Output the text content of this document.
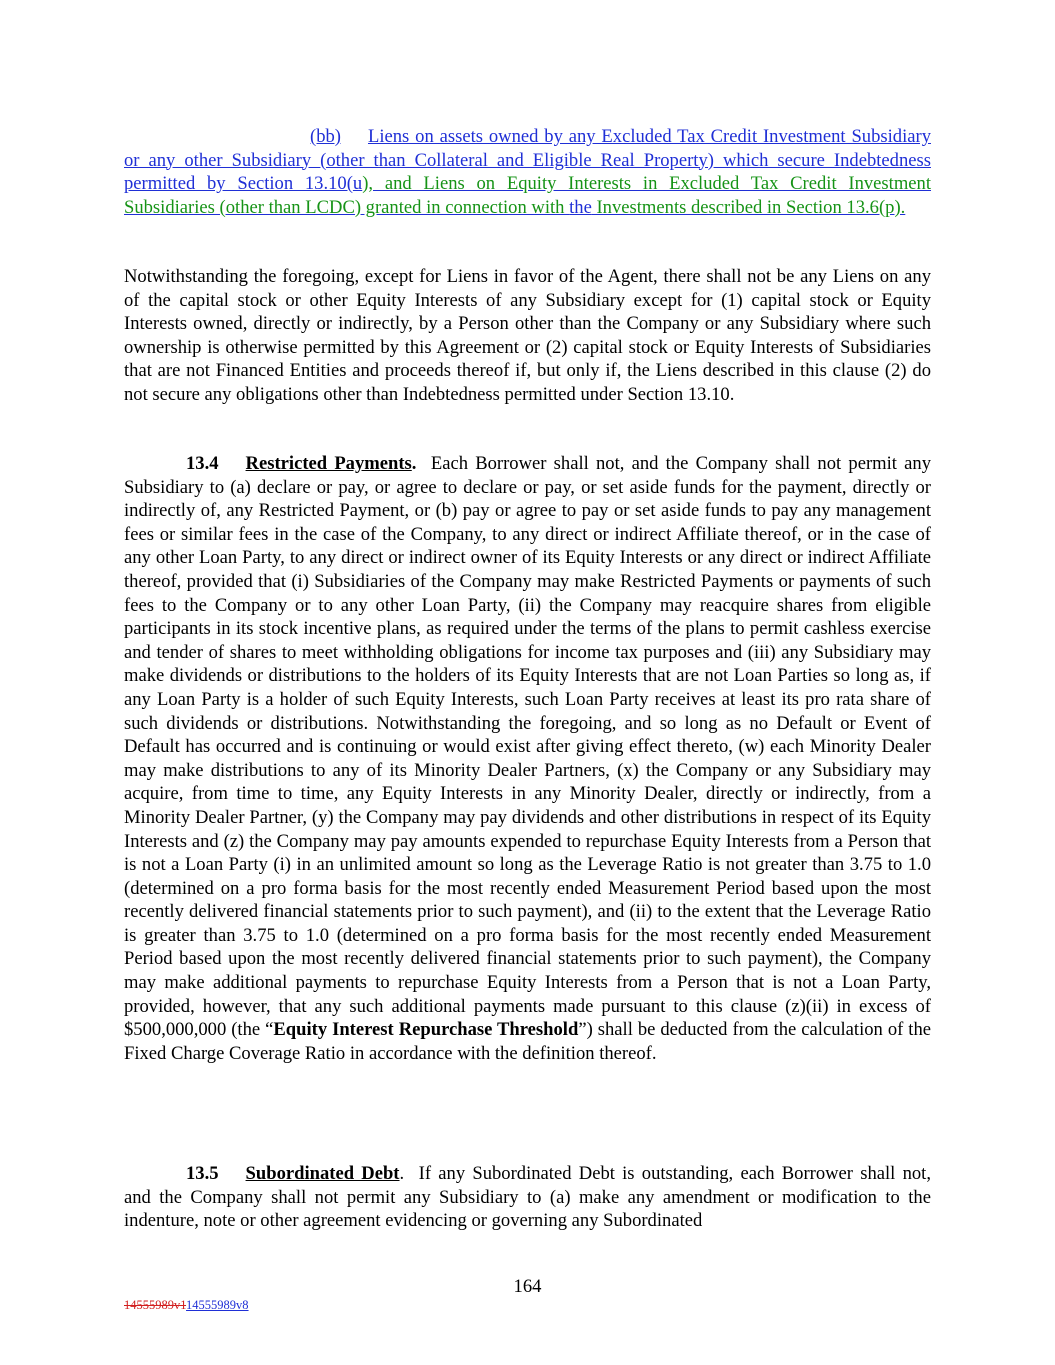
(bb) Liens on assets owned by any Excluded Tax Credit Investment Subsidiary or any other Subsidiary (other than Collateral and Eligible Real Property) which secure Indebtedness permitted by Section 13.10(u), and Liens on Equity Interests in Excluded Tax Credit Investment Subsidiaries (other than LCDC) granted in connection with the Investments described in Section 13.6(p).
Notwithstanding the foregoing, except for Liens in favor of the Agent, there shall not be any Liens on any of the capital stock or other Equity Interests of any Subsidiary except for (1) capital stock or Equity Interests owned, directly or indirectly, by a Person other than the Company or any Subsidiary where such ownership is otherwise permitted by this Agreement or (2) capital stock or Equity Interests of Subsidiaries that are not Financed Entities and proceeds thereof if, but only if, the Liens described in this clause (2) do not secure any obligations other than Indebtedness permitted under Section 13.10.
13.4 Restricted Payments. Each Borrower shall not, and the Company shall not permit any Subsidiary to (a) declare or pay, or agree to declare or pay, or set aside funds for the payment, directly or indirectly of, any Restricted Payment, or (b) pay or agree to pay or set aside funds to pay any management fees or similar fees in the case of the Company, to any direct or indirect Affiliate thereof, or in the case of any other Loan Party, to any direct or indirect owner of its Equity Interests or any direct or indirect Affiliate thereof, provided that (i) Subsidiaries of the Company may make Restricted Payments or payments of such fees to the Company or to any other Loan Party, (ii) the Company may reacquire shares from eligible participants in its stock incentive plans, as required under the terms of the plans to permit cashless exercise and tender of shares to meet withholding obligations for income tax purposes and (iii) any Subsidiary may make dividends or distributions to the holders of its Equity Interests that are not Loan Parties so long as, if any Loan Party is a holder of such Equity Interests, such Loan Party receives at least its pro rata share of such dividends or distributions. Notwithstanding the foregoing, and so long as no Default or Event of Default has occurred and is continuing or would exist after giving effect thereto, (w) each Minority Dealer may make distributions to any of its Minority Dealer Partners, (x) the Company or any Subsidiary may acquire, from time to time, any Equity Interests in any Minority Dealer, directly or indirectly, from a Minority Dealer Partner, (y) the Company may pay dividends and other distributions in respect of its Equity Interests and (z) the Company may pay amounts expended to repurchase Equity Interests from a Person that is not a Loan Party (i) in an unlimited amount so long as the Leverage Ratio is not greater than 3.75 to 1.0 (determined on a pro forma basis for the most recently ended Measurement Period based upon the most recently delivered financial statements prior to such payment), and (ii) to the extent that the Leverage Ratio is greater than 3.75 to 1.0 (determined on a pro forma basis for the most recently ended Measurement Period based upon the most recently delivered financial statements prior to such payment), the Company may make additional payments to repurchase Equity Interests from a Person that is not a Loan Party, provided, however, that any such additional payments made pursuant to this clause (z)(ii) in excess of $500,000,000 (the “Equity Interest Repurchase Threshold”) shall be deducted from the calculation of the Fixed Charge Coverage Ratio in accordance with the definition thereof.
13.5 Subordinated Debt. If any Subordinated Debt is outstanding, each Borrower shall not, and the Company shall not permit any Subsidiary to (a) make any amendment or modification to the indenture, note or other agreement evidencing or governing any Subordinated
164
14555989v114555989v8
